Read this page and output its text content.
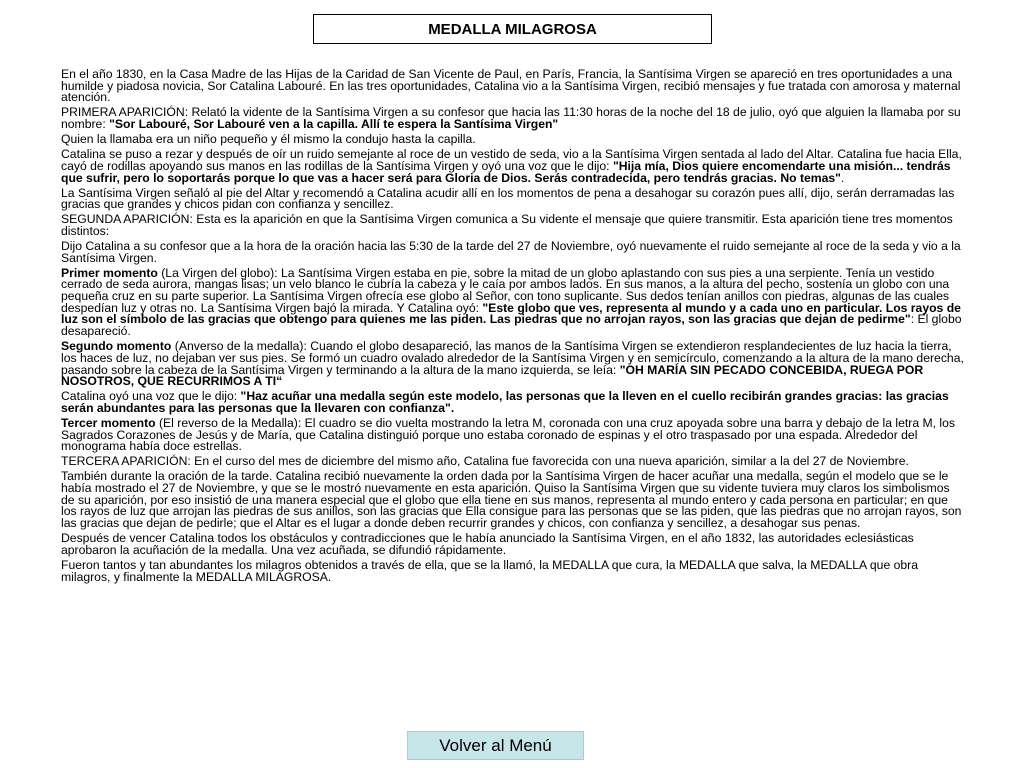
MEDALLA MILAGROSA

En el año 1830, en la Casa Madre de las Hijas de la Caridad de San Vicente de Paul, en París, Francia, la Santísima Virgen se apareció en tres oportunidades a una humilde y piadosa novicia, Sor Catalina Labouré. En las tres oportunidades, Catalina vio a la Santísima Virgen, recibió mensajes y fue tratada con amorosa y maternal atención.

PRIMERA APARICIÓN: Relató la vidente de la Santísima Virgen a su confesor que hacia las 11:30 horas de la noche del 18 de julio, oyó que alguien la llamaba por su nombre: "Sor Labouré, Sor Labouré ven a la capilla. Allí te espera la Santísima Virgen"

Quien la llamaba era un niño pequeño y él mismo la condujo hasta la capilla.

Catalina se puso a rezar y después de oír un ruido semejante al roce de un vestido de seda, vio a la Santísima Virgen sentada al lado del Altar. Catalina fue hacia Ella, cayó de rodillas apoyando sus manos en las rodillas de la Santísima Virgen y oyó una voz que le dijo: "Hija mía, Dios quiere encomendarte una misión... tendrás que sufrir, pero lo soportarás porque lo que vas a hacer será para Gloria de Dios. Serás contradecida, pero tendrás gracias. No temas".

La Santísima Virgen señaló al pie del Altar y recomendó a Catalina acudir allí en los momentos de pena a desahogar su corazón pues allí, dijo, serán derramadas las gracias que grandes y chicos pidan con confianza y sencillez.

SEGUNDA APARICIÓN: Esta es la aparición en que la Santísima Virgen comunica a Su vidente el mensaje que quiere transmitir. Esta aparición tiene tres momentos distintos:

Dijo Catalina a su confesor que a la hora de la oración hacia las 5:30 de la tarde del 27 de Noviembre, oyó nuevamente el ruido semejante al roce de la seda y vio a la Santísima Virgen.

Primer momento (La Virgen del globo): La Santísima Virgen estaba en pie, sobre la mitad de un globo aplastando con sus pies a una serpiente. Tenía un vestido cerrado de seda aurora, mangas lisas; un velo blanco le cubría la cabeza y le caía por ambos lados. En sus manos, a la altura del pecho, sostenía un globo con una pequeña cruz en su parte superior. La Santísima Virgen ofrecía ese globo al Señor, con tono suplicante. Sus dedos tenían anillos con piedras, algunas de las cuales despedían luz y otras no. La Santísima Virgen bajó la mirada. Y Catalina oyó: "Este globo que ves, representa al mundo y a cada uno en particular. Los rayos de luz son el símbolo de las gracias que obtengo para quienes me las piden. Las piedras que no arrojan rayos, son las gracias que dejan de pedirme": El globo desapareció.

Segundo momento (Anverso de la medalla): Cuando el globo desapareció, las manos de la Santísima Virgen se extendieron resplandecientes de luz hacia la tierra, los haces de luz, no dejaban ver sus pies. Se formó un cuadro ovalado alrededor de la Santísima Virgen y en semicírculo, comenzando a la altura de la mano derecha, pasando sobre la cabeza de la Santísima Virgen y terminando a la altura de la mano izquierda, se leía: "OH MARÍA SIN PECADO CONCEBIDA, RUEGA POR NOSOTROS, QUE RECURRIMOS A TI“

Catalina oyó una voz que le dijo: "Haz acuñar una medalla según este modelo, las personas que la lleven en el cuello recibirán grandes gracias: las gracias serán abundantes para las personas que la llevaren con confianza".

Tercer momento (El reverso de la Medalla): El cuadro se dio vuelta mostrando la letra M, coronada con una cruz apoyada sobre una barra y debajo de la letra M, los Sagrados Corazones de Jesús y de María, que Catalina distinguió porque uno estaba coronado de espinas y el otro traspasado por una espada. Alrededor del monograma había doce estrellas.

TERCERA APARICIÓN: En el curso del mes de diciembre del mismo año, Catalina fue favorecida con una nueva aparición, similar a la del 27 de Noviembre.

También durante la oración de la tarde. Catalina recibió nuevamente la orden dada por la Santísima Virgen de hacer acuñar una medalla, según el modelo que se le había mostrado el 27 de Noviembre, y que se le mostró nuevamente en esta aparición. Quiso la Santísima Virgen que su vidente tuviera muy claros los simbolismos de su aparición, por eso insistió de una manera especial que el globo que ella tiene en sus manos, representa al mundo entero y cada persona en particular; en que los rayos de luz que arrojan las piedras de sus anillos, son las gracias que Ella consigue para las personas que se las piden, que las piedras que no arrojan rayos, son las gracias que dejan de pedirle; que el Altar es el lugar a donde deben recurrir grandes y chicos, con confianza y sencillez, a desahogar sus penas.

Después de vencer Catalina todos los obstáculos y contradicciones que le había anunciado la Santísima Virgen, en el año 1832, las autoridades eclesiásticas aprobaron la acuñación de la medalla. Una vez acuñada, se difundió rápidamente.

Fueron tantos y tan abundantes los milagros obtenidos a través de ella, que se la llamó, la MEDALLA que cura, la MEDALLA que salva, la MEDALLA que obra milagros, y finalmente la MEDALLA MILAGROSA.

Volver al Menú
